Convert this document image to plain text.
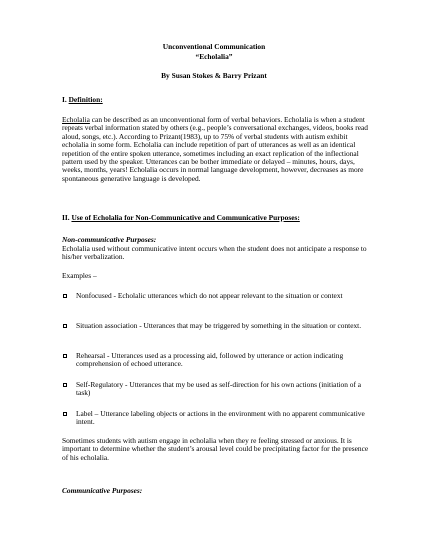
Unconventional Communication
“Echolalia”
By Susan Stokes & Barry Prizant
I. Definition:
Echolalia can be described as an unconventional form of verbal behaviors. Echolalia is when a student repeats verbal information stated by others (e.g., people’s conversational exchanges, videos, books read aloud, songs, etc.). According to Prizant(1983), up to 75% of verbal students with autism exhibit echolalia in some form. Echolalia can include repetition of part of utterances as well as an identical repetition of the entire spoken utterance, sometimes including an exact replication of the inflectional pattern used by the speaker. Utterances can be bother immediate or delayed – minutes, hours, days, weeks, months, years! Echolalia occurs in normal language development, however, decreases as more spontaneous generative language is developed.
II. Use of Echolalia for Non-Communicative and Communicative Purposes:
Non-communicative Purposes:
Echolalia used without communicative intent occurs when the student does not anticipate a response to his/her verbalization.
Examples –
Nonfocused - Echolalic utterances which do not appear relevant to the situation or context
Situation association - Utterances that may be triggered by something in the situation or context.
Rehearsal - Utterances used as a processing aid, followed by utterance or action indicating comprehension of echoed utterance.
Self-Regulatory - Utterances that my be used as self-direction for his own actions (initiation of a task)
Label – Utterance labeling objects or actions in the environment with no apparent communicative intent.
Sometimes students with autism engage in echolalia when they re feeling stressed or anxious. It is important to determine whether the student’s arousal level could be precipitating factor for the presence of his echolalia.
Communicative Purposes:
